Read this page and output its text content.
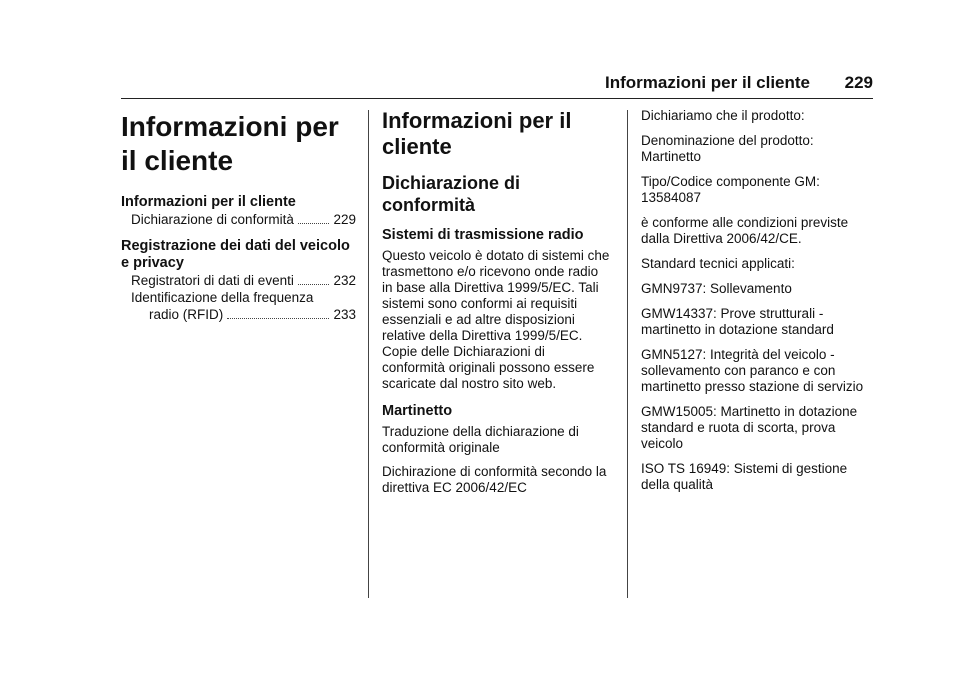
Informazioni per il cliente 229
Informazioni per il cliente
Informazioni per il cliente
Dichiarazione di conformità	229
Registrazione dei dati del veicolo e privacy
Registratori di dati di eventi	232
Identificazione della frequenza
radio (RFID)	233
Informazioni per il cliente
Dichiarazione di conformità
Sistemi di trasmissione radio

Questo veicolo è dotato di sistemi che trasmettono e/o ricevono onde radio in base alla Direttiva 1999/5/EC. Tali sistemi sono conformi ai requisiti essenziali e ad altre disposizioni relative della Direttiva 1999/5/EC. Copie delle Dichiarazioni di conformità originali possono essere scaricate dal nostro sito web.

Martinetto

Traduzione della dichiarazione di conformità originale

Dichirazione di conformità secondo la direttiva EC 2006/42/EC

Dichiariamo che il prodotto:

Denominazione del prodotto: Martinetto

Tipo/Codice componente GM: 13584087

è conforme alle condizioni previste dalla Direttiva 2006/42/CE.

Standard tecnici applicati:

GMN9737: Sollevamento

GMW14337: Prove strutturali - martinetto in dotazione standard

GMN5127: Integrità del veicolo - sollevamento con paranco e con martinetto presso stazione di servizio

GMW15005: Martinetto in dotazione standard e ruota di scorta, prova veicolo

ISO TS 16949: Sistemi di gestione della qualità
